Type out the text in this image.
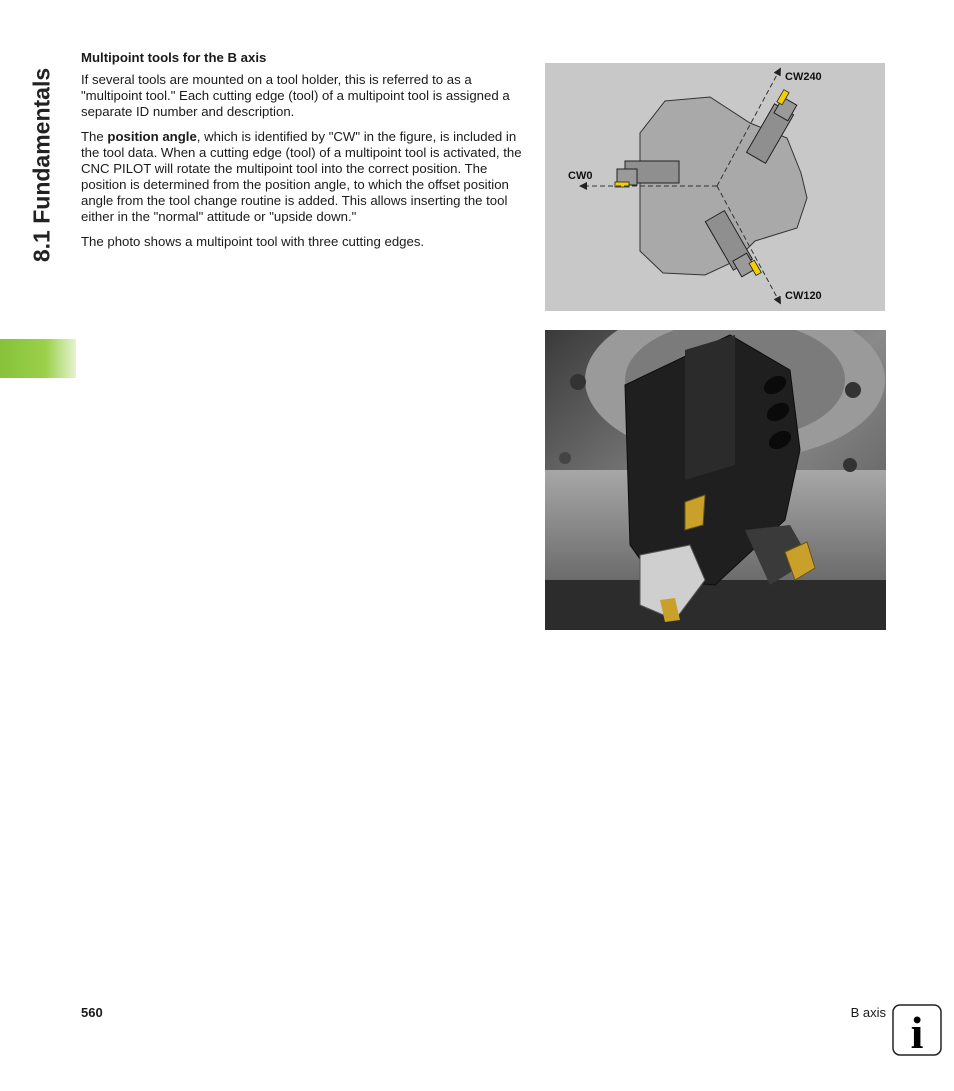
8.1 Fundamentals
Multipoint tools for the B axis

If several tools are mounted on a tool holder, this is referred to as a "multipoint tool." Each cutting edge (tool) of a multipoint tool is assigned a separate ID number and description.

The position angle, which is identified by "CW" in the figure, is included in the tool data. When a cutting edge (tool) of a multipoint tool is activated, the CNC PILOT will rotate the multipoint tool into the correct position. The position is determined from the position angle, to which the offset position angle from the tool change routine is added. This allows inserting the tool either in the "normal" attitude or "upside down."

The photo shows a multipoint tool with three cutting edges.

CW240
CW0
CW120
560	B axis i
